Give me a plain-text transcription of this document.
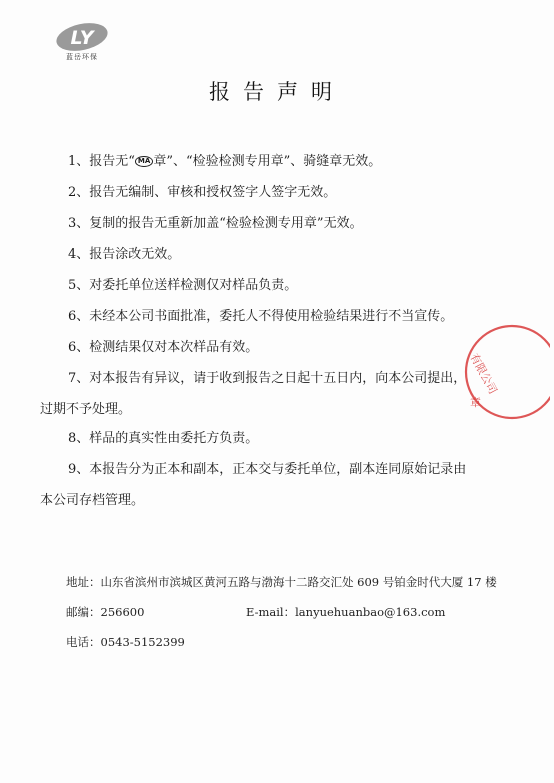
LY
蓝岳环保
报告声明
1、报告无“ MA 章”、“检验检测专用章”、骑缝章无效。
2、报告无编制、审核和授权签字人签字无效。
3、复制的报告无重新加盖“检验检测专用章”无效。
4、报告涂改无效。
5、对委托单位送样检测仅对样品负责。
6、未经本公司书面批准，委托人不得使用检验结果进行不当宣传。
6、检测结果仅对本次样品有效。
7、对本报告有异议，请于收到报告之日起十五日内，向本公司提出，
过期不予处理。
8、样品的真实性由委托方负责。
9、本报告分为正本和副本，正本交与委托单位，副本连同原始记录由
本公司存档管理。
有限公司
章
地址：山东省滨州市滨城区黄河五路与渤海十二路交汇处 609 号铂金时代大厦 17 楼
邮编：256600	E-mail：lanyuehuanbao@163.com
电话：0543-5152399
